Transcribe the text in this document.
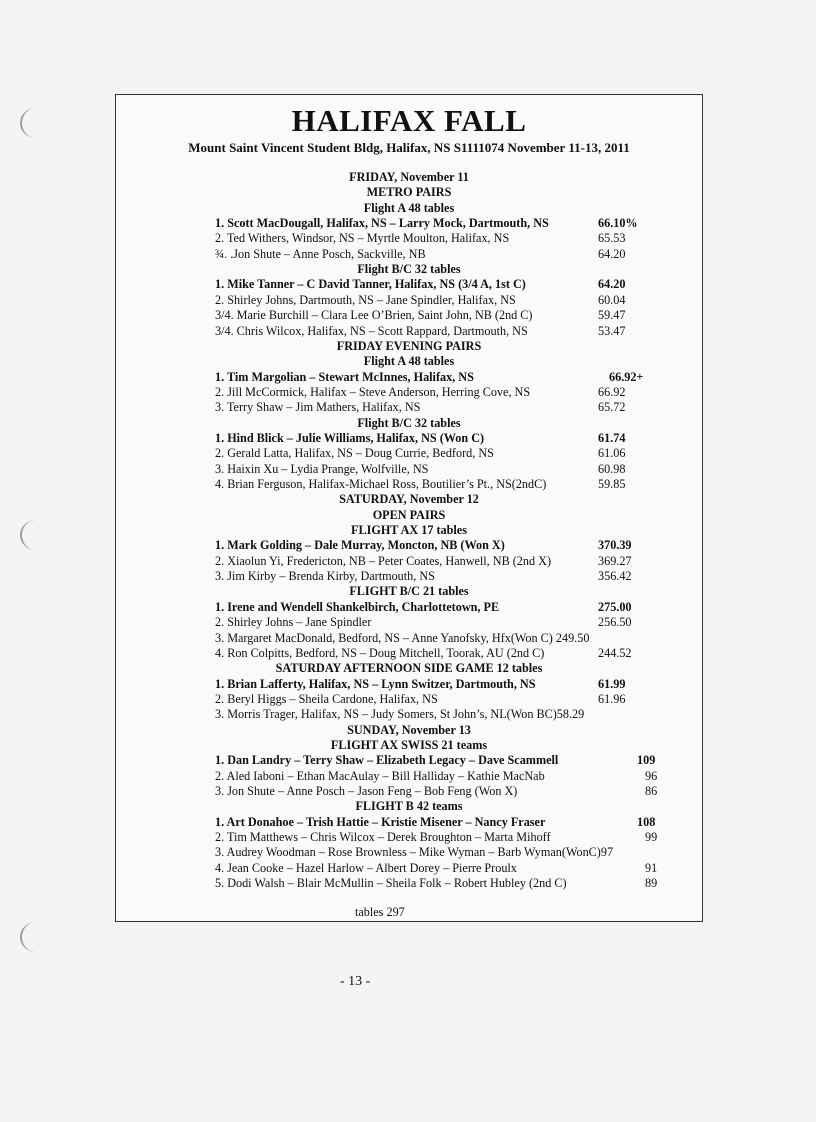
HALIFAX FALL
Mount Saint Vincent Student Bldg, Halifax, NS S1111074 November 11-13, 2011
FRIDAY, November 11
METRO PAIRS
Flight A 48 tables
1. Scott MacDougall, Halifax, NS – Larry Mock, Dartmouth, NS	66.10%
2. Ted Withers, Windsor, NS – Myrtle Moulton, Halifax, NS	65.53
¾. .Jon Shute – Anne Posch, Sackville, NB	64.20
Flight B/C 32 tables
1. Mike Tanner – C David Tanner, Halifax, NS (3/4 A, 1st C)	64.20
2. Shirley Johns, Dartmouth, NS – Jane Spindler, Halifax, NS	60.04
3/4. Marie Burchill – Clara Lee O’Brien, Saint John, NB (2nd C)	59.47
3/4. Chris Wilcox, Halifax, NS – Scott Rappard, Dartmouth, NS	53.47
FRIDAY EVENING PAIRS
Flight A 48 tables
1. Tim Margolian – Stewart McInnes, Halifax, NS	66.92+
2. Jill McCormick, Halifax – Steve Anderson, Herring Cove, NS	66.92
3. Terry Shaw – Jim Mathers, Halifax, NS	65.72
Flight B/C 32 tables
1. Hind Blick – Julie Williams, Halifax, NS (Won C)	61.74
2. Gerald Latta, Halifax, NS – Doug Currie, Bedford, NS	61.06
3. Haixin Xu – Lydia Prange, Wolfville, NS	60.98
4. Brian Ferguson, Halifax-Michael Ross, Boutilier’s Pt., NS(2ndC)	59.85
SATURDAY, November 12
OPEN PAIRS
FLIGHT AX 17 tables
1. Mark Golding – Dale Murray, Moncton, NB (Won X)	370.39
2. Xiaolun Yi, Fredericton, NB – Peter Coates, Hanwell, NB (2nd X)	369.27
3. Jim Kirby – Brenda Kirby, Dartmouth, NS	356.42
FLIGHT B/C 21 tables
1. Irene and Wendell Shankelbirch, Charlottetown, PE	275.00
2. Shirley Johns – Jane Spindler	256.50
3. Margaret MacDonald, Bedford, NS – Anne Yanofsky, Hfx(Won C) 249.50
4. Ron Colpitts, Bedford, NS – Doug Mitchell, Toorak, AU (2nd C)	244.52
SATURDAY AFTERNOON SIDE GAME 12 tables
1. Brian Lafferty, Halifax, NS – Lynn Switzer, Dartmouth, NS	61.99
2. Beryl Higgs – Sheila Cardone, Halifax, NS	61.96
3. Morris Trager, Halifax, NS – Judy Somers, St John’s, NL(Won BC)58.29
SUNDAY, November 13
FLIGHT AX SWISS 21 teams
1. Dan Landry – Terry Shaw – Elizabeth Legacy – Dave Scammell	109
2. Aled Iaboni – Ethan MacAulay – Bill Halliday – Kathie MacNab	96
3. Jon Shute – Anne Posch – Jason Feng – Bob Feng (Won X)	86
FLIGHT B 42 teams
1. Art Donahoe – Trish Hattie – Kristie Misener – Nancy Fraser	108
2. Tim Matthews – Chris Wilcox – Derek Broughton – Marta Mihoff	99
3. Audrey Woodman – Rose Brownless – Mike Wyman – Barb Wyman(WonC)97
4. Jean Cooke – Hazel Harlow – Albert Dorey – Pierre Proulx	91
5. Dodi Walsh – Blair McMullin – Sheila Folk – Robert Hubley (2nd C)	89
tables 297
- 13 -
